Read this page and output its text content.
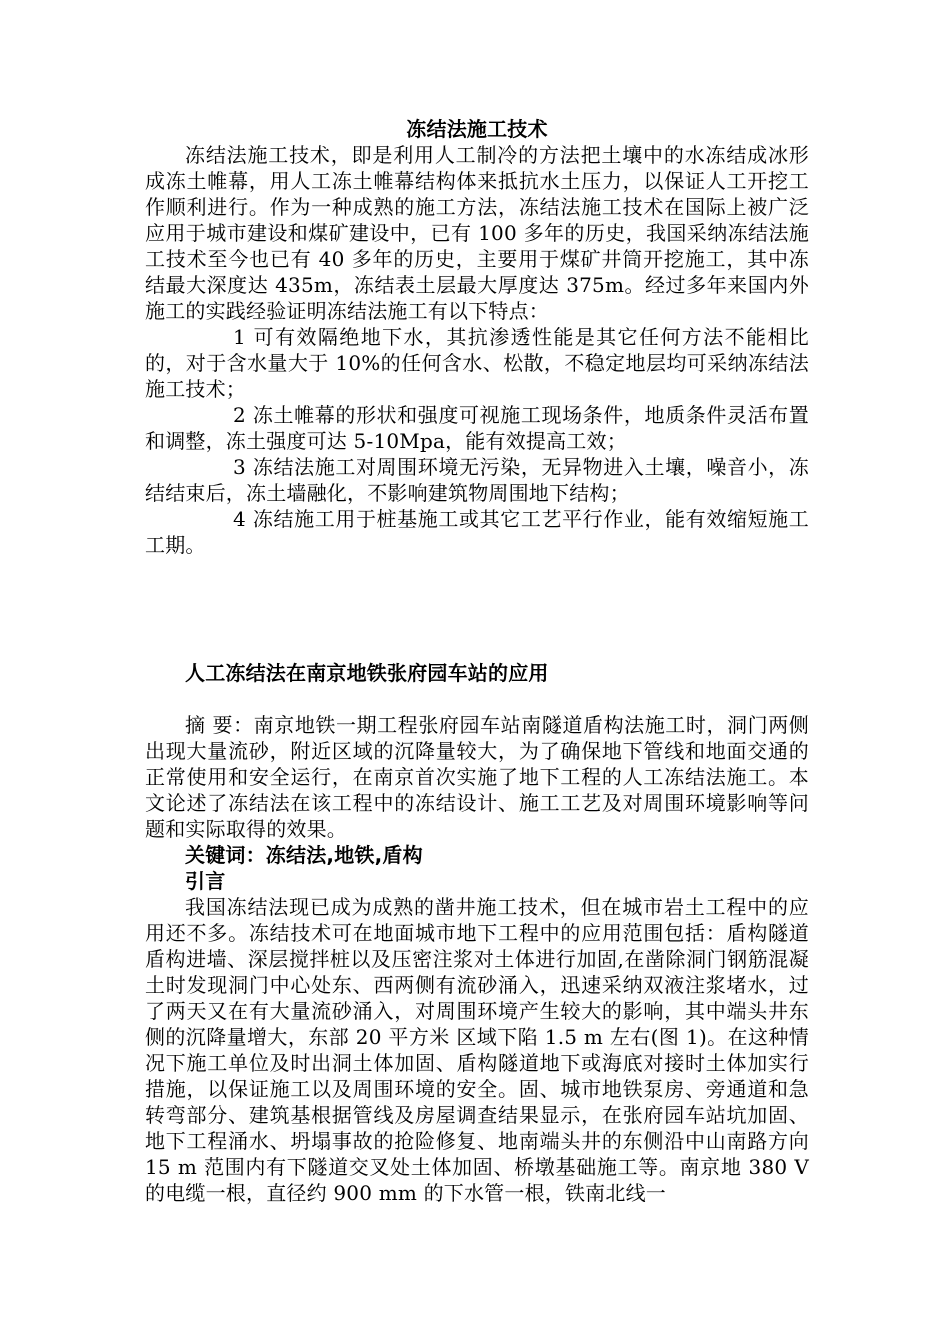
冻结法施工技术

冻结法施工技术，即是利用人工制冷的方法把土壤中的水冻结成冰形成冻土帷幕，用人工冻土帷幕结构体来抵抗水土压力，以保证人工开挖工作顺利进行。作为一种成熟的施工方法，冻结法施工技术在国际上被广泛应用于城市建设和煤矿建设中，已有 100 多年的历史，我国采纳冻结法施工技术至今也已有 40 多年的历史，主要用于煤矿井筒开挖施工，其中冻结最大深度达 435m，冻结表土层最大厚度达 375m。经过多年来国内外施工的实践经验证明冻结法施工有以下特点：

1 可有效隔绝地下水，其抗渗透性能是其它任何方法不能相比的，对于含水量大于 10%的任何含水、松散，不稳定地层均可采纳冻结法施工技术；

2 冻土帷幕的形状和强度可视施工现场条件，地质条件灵活布置和调整，冻土强度可达 5-10Mpa，能有效提高工效；

3 冻结法施工对周围环境无污染，无异物进入土壤，噪音小，冻结结束后，冻土墙融化，不影响建筑物周围地下结构；

4 冻结施工用于桩基施工或其它工艺平行作业，能有效缩短施工工期。

人工冻结法在南京地铁张府园车站的应用

摘 要：南京地铁一期工程张府园车站南隧道盾构法施工时，洞门两侧出现大量流砂，附近区域的沉降量较大，为了确保地下管线和地面交通的正常使用和安全运行，在南京首次实施了地下工程的人工冻结法施工。本文论述了冻结法在该工程中的冻结设计、施工工艺及对周围环境影响等问题和实际取得的效果。

关键词：冻结法,地铁,盾构

引言

我国冻结法现已成为成熟的凿井施工技术，但在城市岩土工程中的应用还不多。冻结技术可在地面城市地下工程中的应用范围包括：盾构隧道盾构进墙、深层搅拌桩以及压密注浆对土体进行加固,在凿除洞门钢筋混凝土时发现洞门中心处东、西两侧有流砂涌入，迅速采纳双液注浆堵水，过了两天又在有大量流砂涌入，对周围环境产生较大的影响，其中端头井东侧的沉降量增大，东部 20 平方米 区域下陷 1.5 m 左右(图 1)。在这种情况下施工单位及时出洞土体加固、盾构隧道地下或海底对接时土体加实行措施，以保证施工以及周围环境的安全。固、城市地铁泵房、旁通道和急转弯部分、建筑基根据管线及房屋调查结果显示，在张府园车站坑加固、地下工程涌水、坍塌事故的抢险修复、地南端头井的东侧沿中山南路方向 15 m 范围内有下隧道交叉处土体加固、桥墩基础施工等。南京地 380 V 的电缆一根，直径约 900 mm 的下水管一根，铁南北线一
